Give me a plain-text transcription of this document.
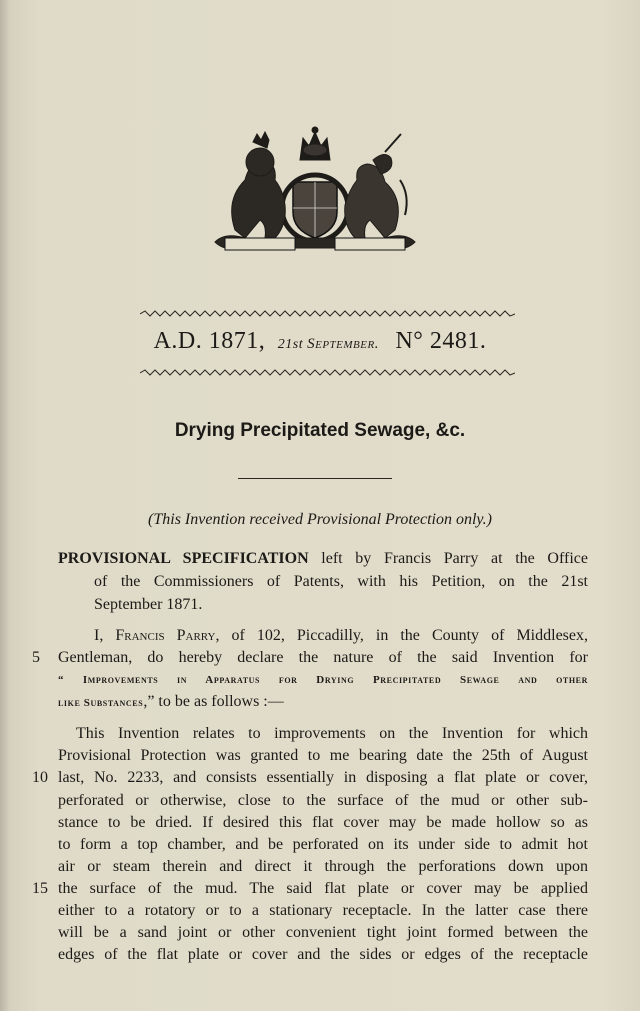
A.D. 1871, 21st September. N° 2481.
Drying Precipitated Sewage, &c.
(This Invention received Provisional Protection only.)
PROVISIONAL SPECIFICATION left by Francis Parry at the Office
of the Commissioners of Patents, with his Petition, on the 21st
September 1871.
I, Francis Parry, of 102, Piccadilly, in the County of Middlesex,
5 Gentleman, do hereby declare the nature of the said Invention for
“ Improvements in Apparatus for Drying Precipitated Sewage and other
like Substances,” to be as follows :—
This Invention relates to improvements on the Invention for which
Provisional Protection was granted to me bearing date the 25th of August
10 last, No. 2233, and consists essentially in disposing a flat plate or cover,
perforated or otherwise, close to the surface of the mud or other sub-
stance to be dried. If desired this flat cover may be made hollow so as
to form a top chamber, and be perforated on its under side to admit hot
air or steam therein and direct it through the perforations down upon
15 the surface of the mud. The said flat plate or cover may be applied
either to a rotatory or to a stationary receptacle. In the latter case there
will be a sand joint or other convenient tight joint formed between the
edges of the flat plate or cover and the sides or edges of the receptacle
